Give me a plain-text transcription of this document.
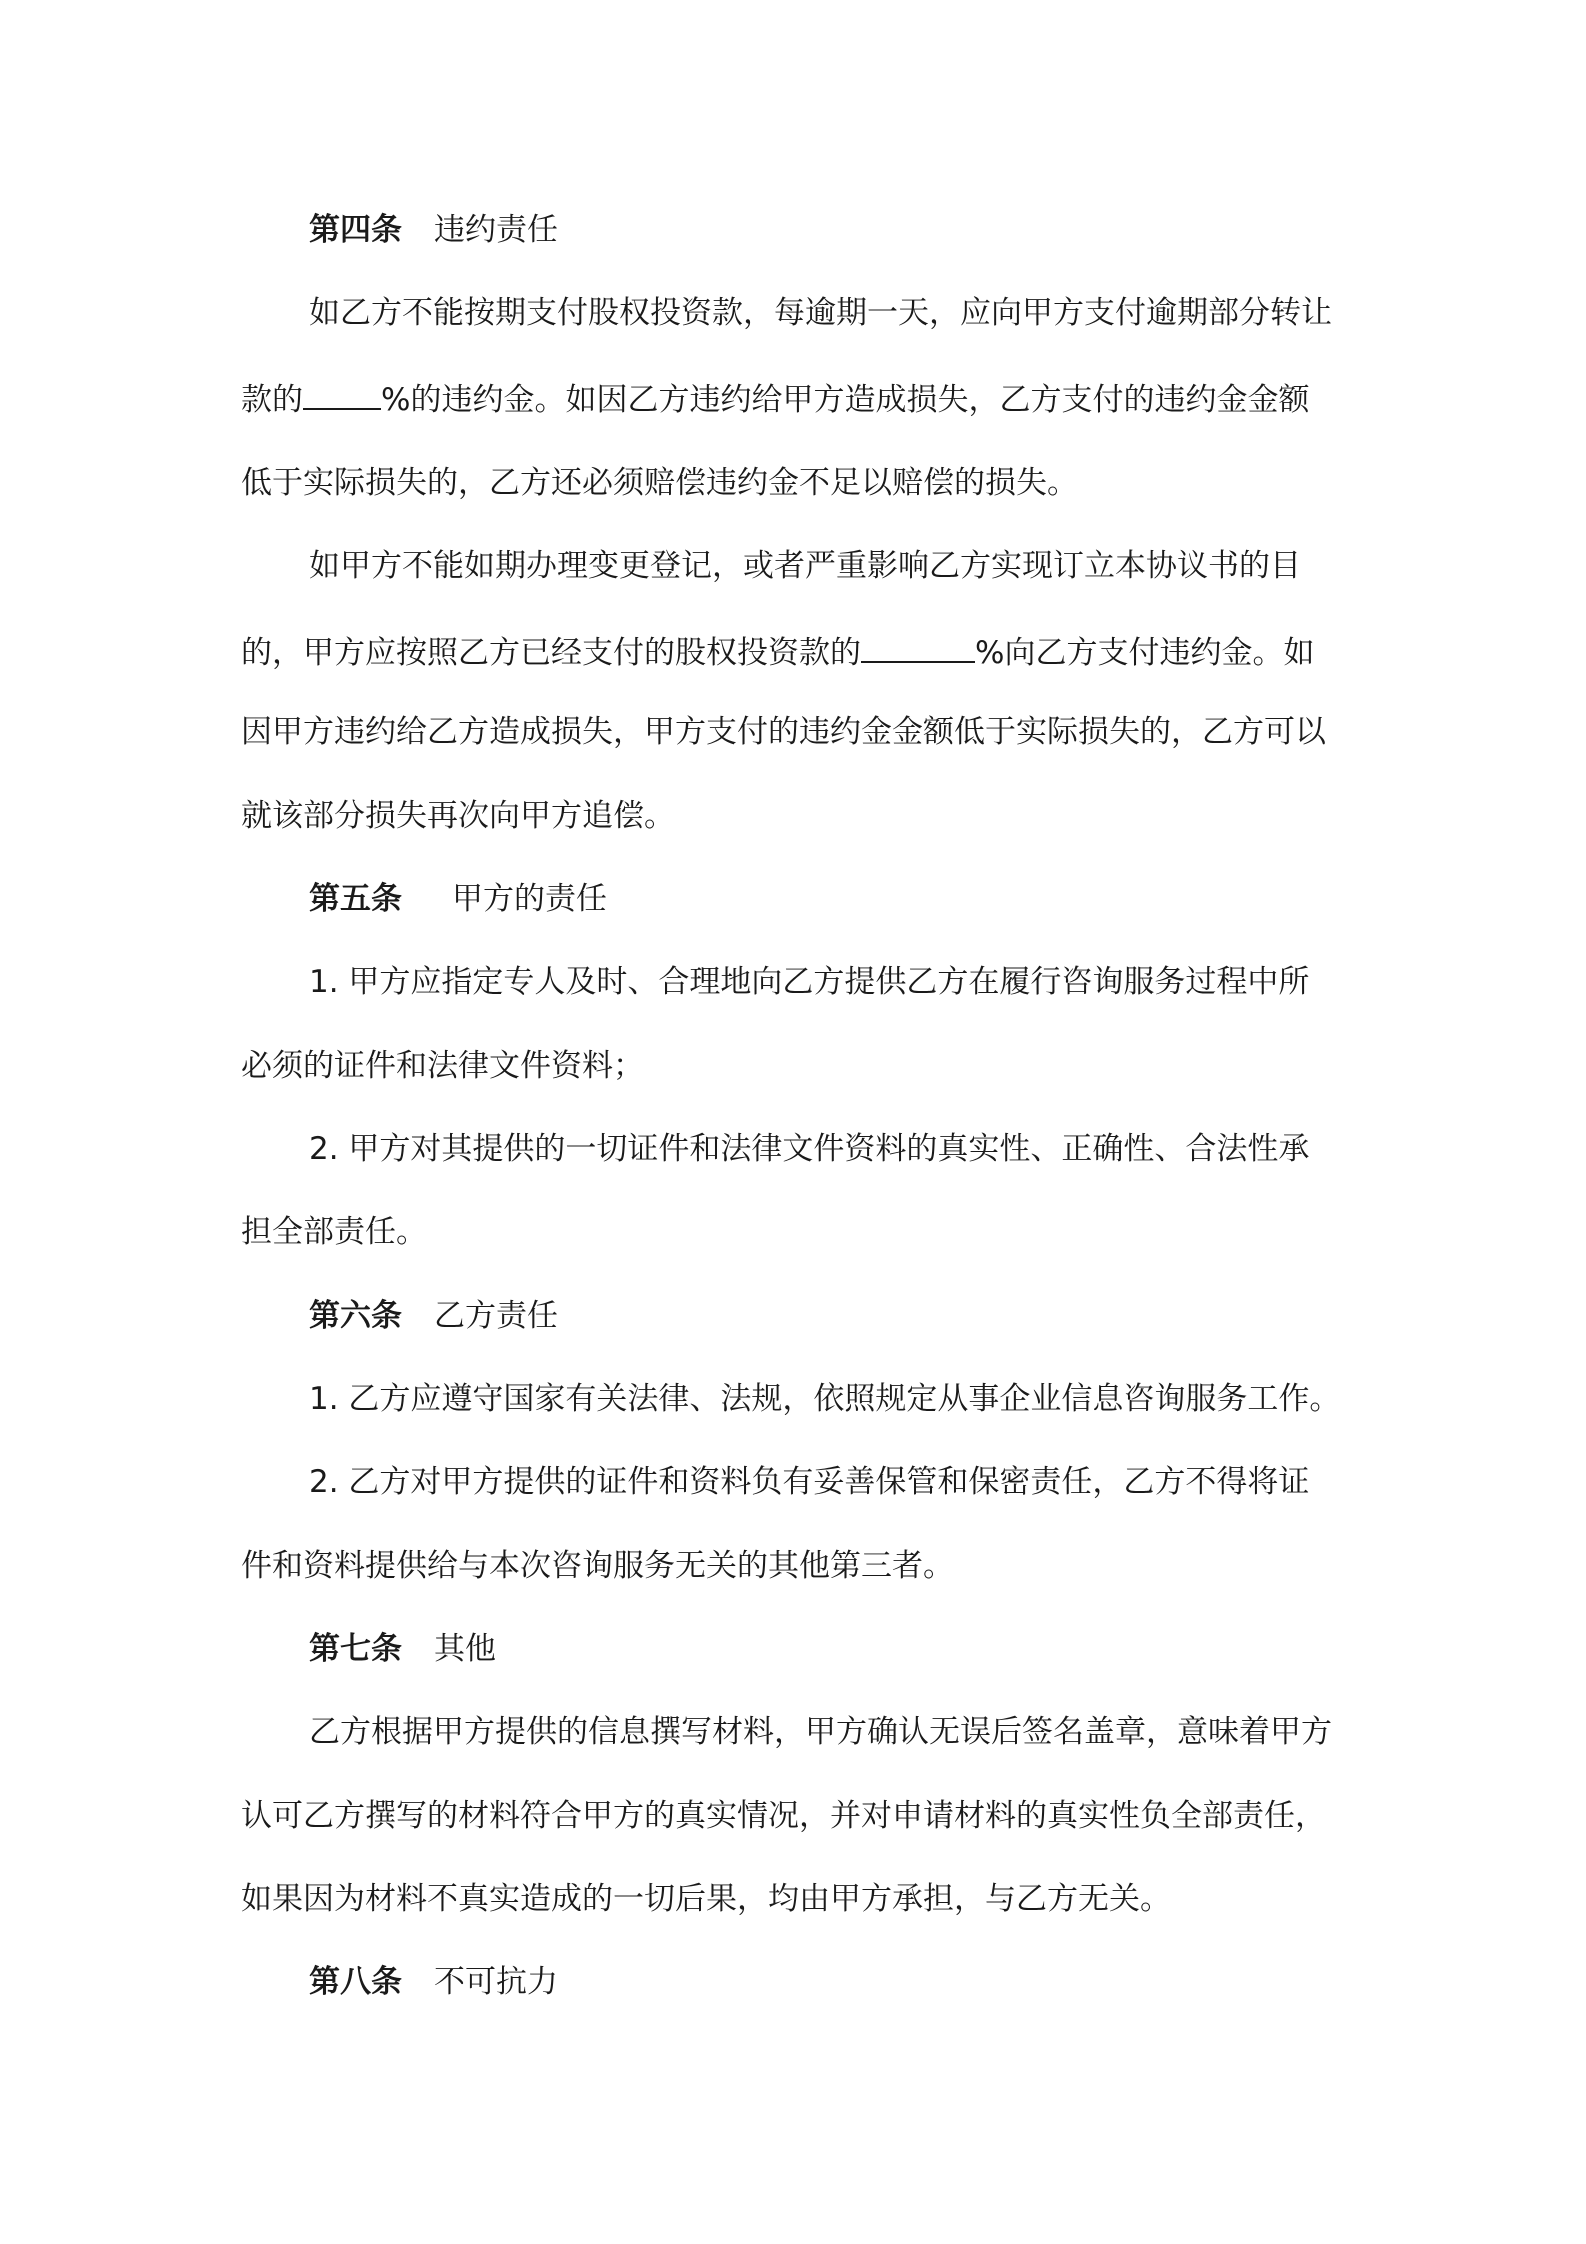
第四条 违约责任
如乙方不能按期支付股权投资款，每逾期一天，应向甲方支付逾期部分转让
款的	%的违约金。如因乙方违约给甲方造成损失，乙方支付的违约金金额
低于实际损失的，乙方还必须赔偿违约金不足以赔偿的损失。
如甲方不能如期办理变更登记，或者严重影响乙方实现订立本协议书的目
的，甲方应按照乙方已经支付的股权投资款的	%向乙方支付违约金。如
因甲方违约给乙方造成损失，甲方支付的违约金金额低于实际损失的，乙方可以
就该部分损失再次向甲方追偿。
第五条 甲方的责任
1. 甲方应指定专人及时、合理地向乙方提供乙方在履行咨询服务过程中所
必须的证件和法律文件资料；
2. 甲方对其提供的一切证件和法律文件资料的真实性、正确性、合法性承
担全部责任。
第六条 乙方责任
1. 乙方应遵守国家有关法律、法规，依照规定从事企业信息咨询服务工作。
2. 乙方对甲方提供的证件和资料负有妥善保管和保密责任，乙方不得将证
件和资料提供给与本次咨询服务无关的其他第三者。
第七条 其他
乙方根据甲方提供的信息撰写材料，甲方确认无误后签名盖章，意味着甲方
认可乙方撰写的材料符合甲方的真实情况，并对申请材料的真实性负全部责任，
如果因为材料不真实造成的一切后果，均由甲方承担，与乙方无关。
第八条 不可抗力
